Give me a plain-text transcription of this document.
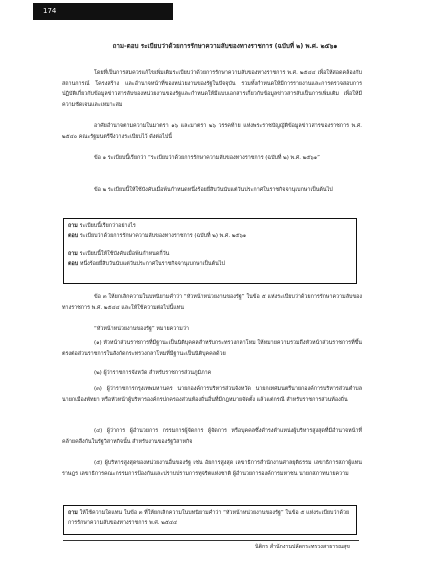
174
ถาม-ตอบ ระเบียบว่าด้วยการรักษาความลับของทางราชการ (ฉบับที่ ๒) พ.ศ. ๒๕๖๑
โดยที่เป็นการสมควรแก้ไขเพิ่มเติมระเบียบว่าด้วยการรักษาความลับของทางราชการ พ.ศ. ๒๕๔๔ เพื่อให้สอดคล้องกับสถานการณ์ โครงสร้าง และอำนาจหน้าที่ของหน่วยงานของรัฐในปัจจุบัน รวมทั้งกำหนดให้มีการรายงานและการตรวจสอบการปฏิบัติเกี่ยวกับข้อมูลข่าวสารลับของหน่วยงานของรัฐและกำหนดให้มีแบบเอกสารเกี่ยวกับข้อมูลข่าวสารลับเป็นการเพิ่มเติม เพื่อให้มีความชัดเจนและเหมาะสม
อาศัยอำนาจตามความในมาตรา ๑๖ และมาตรา ๒๖ วรรคท้าย แห่งพระราชบัญญัติข้อมูลข่าวสารของราชการ พ.ศ. ๒๕๔๐ คณะรัฐมนตรีจึงวางระเบียบไว้ ดังต่อไปนี้
ข้อ ๑ ระเบียบนี้เรียกว่า “ระเบียบว่าด้วยการรักษาความลับของทางราชการ (ฉบับที่ ๒) พ.ศ. ๒๕๖๑”
ข้อ ๒ ระเบียบนี้ให้ใช้บังคับเมื่อพ้นกำหนดหนึ่งร้อยยี่สิบวันนับแต่วันประกาศในราชกิจจานุเบกษาเป็นต้นไป
ถาม ระเบียบนี้เรียกว่าอย่างไร
ตอบ ระเบียบว่าด้วยการรักษาความลับของทางราชการ (ฉบับที่ ๒) พ.ศ. ๒๕๖๑
ถาม ระเบียบนี้ให้ใช้บังคับเมื่อพ้นกำหนดกี่วัน
ตอบ หนึ่งร้อยยี่สิบวันนับแต่วันประกาศในราชกิจจานุเบกษาเป็นต้นไป
ข้อ ๓ ให้ยกเลิกความในบทนิยามคำว่า “หัวหน้าหน่วยงานของรัฐ” ในข้อ ๕ แห่งระเบียบว่าด้วยการรักษาความลับของทางราชการ พ.ศ. ๒๕๔๔ และให้ใช้ความต่อไปนี้แทน
“หัวหน้าหน่วยงานของรัฐ” หมายความว่า
(๑) หัวหน้าส่วนราชการที่มีฐานะเป็นนิติบุคคลสำหรับกระทรวงกลาโหม ให้หมายความรวมถึงหัวหน้าส่วนราชการที่ขึ้นตรงต่อส่วนราชการในสังกัดกระทรวงกลาโหมที่มีฐานะเป็นนิติบุคคลด้วย
(๒) ผู้ว่าราชการจังหวัด สำหรับราชการส่วนภูมิภาค
(๓) ผู้ว่าราชการกรุงเทพมหานคร นายกองค์การบริหารส่วนจังหวัด นายกเทศมนตรีนายกองค์การบริหารส่วนตำบล นายกเมืองพัทยา หรือหัวหน้าผู้บริหารองค์กรปกครองส่วนท้องถิ่นอื่นที่มีกฎหมายจัดตั้ง แล้วแต่กรณี สำหรับราชการส่วนท้องถิ่น
(๔) ผู้ว่าการ ผู้อำนวยการ กรรมการผู้จัดการ ผู้จัดการ หรือบุคคลซึ่งดำรงตำแหน่งผู้บริหารสูงสุดที่มีอำนาจหน้าที่คล้ายคลึงกันในรัฐวิสาหกิจนั้น สำหรับงานของรัฐวิสาหกิจ
(๕) ผู้บริหารสูงสุดของหน่วยงานอื่นของรัฐ เช่น อัยการสูงสุด เลขาธิการสำนักงานศาลยุติธรรม เลขาธิการสภาผู้แทนราษฎร เลขาธิการคณะกรรมการป้องกันและปราบปรามการทุจริตแห่งชาติ ผู้อำนวยการองค์การมหาชน นายกสภาทนายความ
ถาม ให้ใช้ความใดแทน ในข้อ ๓ ที่ให้ยกเลิกความในบทนิยามคำว่า “หัวหน้าหน่วยงานของรัฐ” ในข้อ ๕ แห่งระเบียบว่าด้วยการรักษาความลับของทางราชการ พ.ศ. ๒๕๔๔
นิติกร สำนักงานปลัดกระทรวงสาธารณสุข
